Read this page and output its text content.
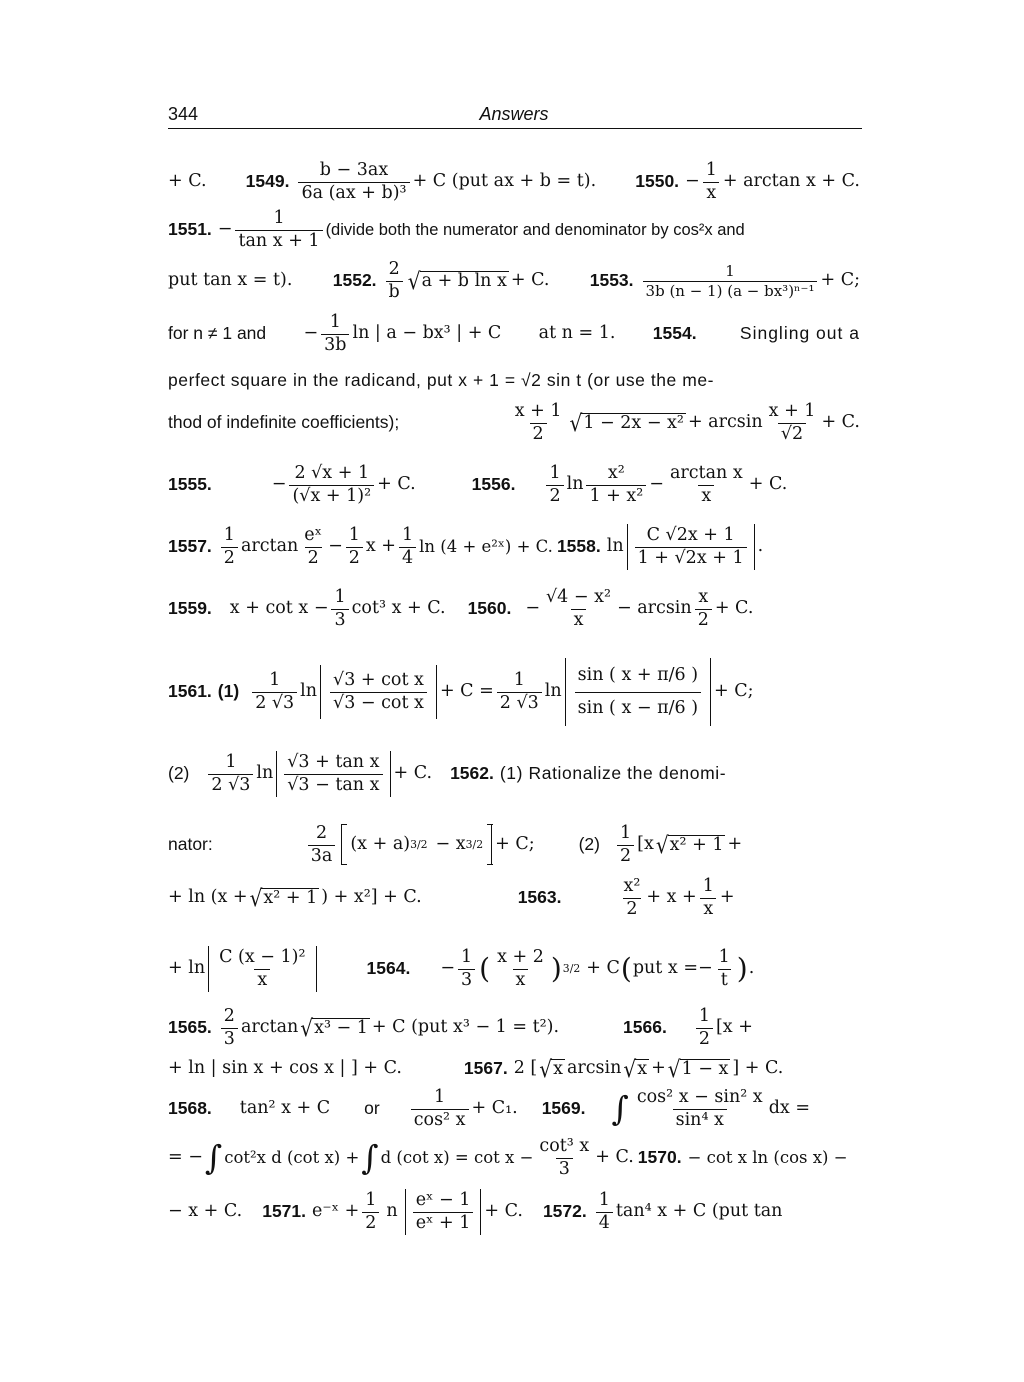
344	Answers
+ C. 1549. $\frac{b - 3ax}{\text{6a (ax + b)³}} + C$ (put ax + b = t). 1550. − $\frac{1}{x} + \arctan x + C$.
1551. − $\frac{1}{\text{tan x + 1}}$ (divide both the numerator and denominator by cos²x and
put tan x = t). 1552. $\frac{2}{b}$ √ a + b ln x + C. 1553. $\frac{1}{\text{3b (n − 1) (a − bx³)ⁿ⁻¹}} + C$;
for n ≠ 1 and − $\frac{1}{3b}$ ln | a − bx³ | + C at n = 1. 1554. Singling out a
perfect square in the radicand, put x + 1 = √2 sin t (or use the me-
thod of indefinite coefficients);	$\frac{x + 1}{2}$ √ $1 - 2x - x^2 + \arcsin \frac{x + 1}{√2} + C$.
1555.	− $\frac{2 √x + 1}{\text{(√x + 1)²}} + C$.	1556. $\frac{1}{2}$ $\ln \frac{\text{x²}}{\text{1 + x²}} - \frac{\text{arctan x}}{x} + C$.
1557. $\frac{1}{2}$ $\arctan \frac{\text{eˣ}}{2} - \frac{1}{2}$ $x + \frac{1}{4}$ ln (4 + e²ˣ) + C. 1558. $\ln \frac{C √2x + 1}{1 + √2x + 1}$ .
1559. $x + \cot x - \frac{1}{3} \cot^3$ x + C. 1560. − $\frac{\text{√4 − x²}}{x} - \arcsin \frac{x}{2} + C$.
1561. $(1) \frac{1}{2 √3}$ $\ln \frac{\text{√3 + cot x}}{\text{√3 − cot x}} + C = \frac{1}{2 √3}$ $\ln \frac{\sin ( x + \pi/6 )}{\sin ( x - \pi/6 )} + C$;
$(2) \frac{1}{2 √3}$ $\ln \frac{\text{√3 + tan x}}{\text{√3 − tan x}} + C$. 1562. (1) Rationalize the denomi-
nator:	$\frac{2}{3a} (x + a) 3/2 - x$ 3/2 + C;	$(2) \frac{1}{2} [x$ √ x² + 1 +
+ ln (x + √ x² + 1 ) + x²] + C.	1563.	$\frac{\text{x²}}{2} + x + \frac{1}{x}$ +
+ $\ln \frac{\text{C (x − 1)²}}{x}$	1564. − $\frac{1}{3}$ ( $\frac{x + 2}{x}$ ) 3/2 + C ( put x = − $\frac{1}{t}$ ) .
1565. $\frac{2}{3}$ arctan √ x³ − 1 + C (put x³ − 1 = t²).	1566. $\frac{1}{2} [x$ +
+ ln | sin x + cos x | ] + C.	1567. 2 [ √ x arcsin √ x + √ 1 − x ] + C.
1568. tan² x + C or $\frac{1}{\text{cos² x}} + C_1$. 1569. ∫ $\frac{\text{cos² x − sin² x}}{\text{sin⁴ x}}$ dx =
= − ∫ cot²x d (cot x) + ∫ d (cot $x) = \cot x - \frac{\text{cot³ x}}{3} + C$. 1570. − cot x ln (cos x) −
− x + C. 1571. e⁻ˣ + $\frac{1}{2}$ n $\frac{\text{eˣ − 1}}{\text{eˣ + 1}} + C$. 1572. $\frac{1}{4} \tan^4$ x + C (put tan
